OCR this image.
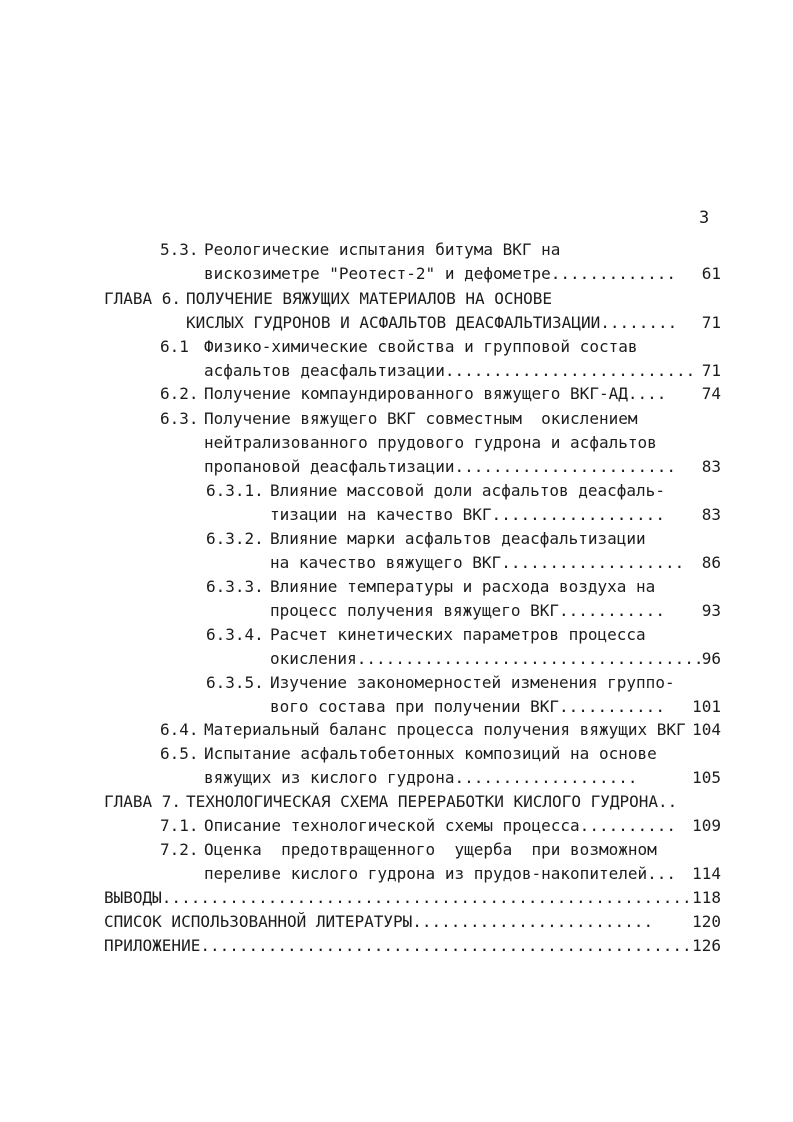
3

5.3.

Реологические испытания битума ВКГ на

вискозиметре "Реотест-2" и дефометре.............

61

ГЛАВА 6.

ПОЛУЧЕНИЕ ВЯЖУЩИХ МАТЕРИАЛОВ НА ОСНОВЕ

КИСЛЫХ ГУДРОНОВ И АСФАЛЬТОВ ДЕАСФАЛЬТИЗАЦИИ........

71

6.1

Физико-химические свойства и групповой состав

асфальтов деасфальтизации..........................

71

6.2.

Получение компаундированного вяжущего ВКГ-АД....

74

6.3.

Получение вяжущего ВКГ совместным  окислением

нейтрализованного прудового гудрона и асфальтов

пропановой деасфальтизации.......................

83

6.3.1.

Влияние массовой доли асфальтов деасфаль-

тизации на качество ВКГ..................

83

6.3.2.

Влияние марки асфальтов деасфальтизации

на качество вяжущего ВКГ...................

86

6.3.3.

Влияние температуры и расхода воздуха на

процесс получения вяжущего ВКГ...........

93

6.3.4.

Расчет кинетических параметров процесса

окисления....................................

96

6.3.5.

Изучение закономерностей изменения группо-

вого состава при получении ВКГ...........

101

6.4.

Материальный баланс процесса получения вяжущих ВКГ

104

6.5.

Испытание асфальтобетонных композиций на основе

вяжущих из кислого гудрона...................

	105

ГЛАВА 7.

ТЕХНОЛОГИЧЕСКАЯ СХЕМА ПЕРЕРАБОТКИ КИСЛОГО ГУДРОНА..

7.1.

Описание технологической схемы процесса..........

109

7.2.

Оценка  предотвращенного  ущерба  при возможном

переливе кислого гудрона из прудов-накопителей...

114

ВЫВОДЫ.......................................................

118

СПИСОК ИСПОЛЬЗОВАННОЙ ЛИТЕРАТУРЫ.........................

120

ПРИЛОЖЕНИЕ...................................................

126
